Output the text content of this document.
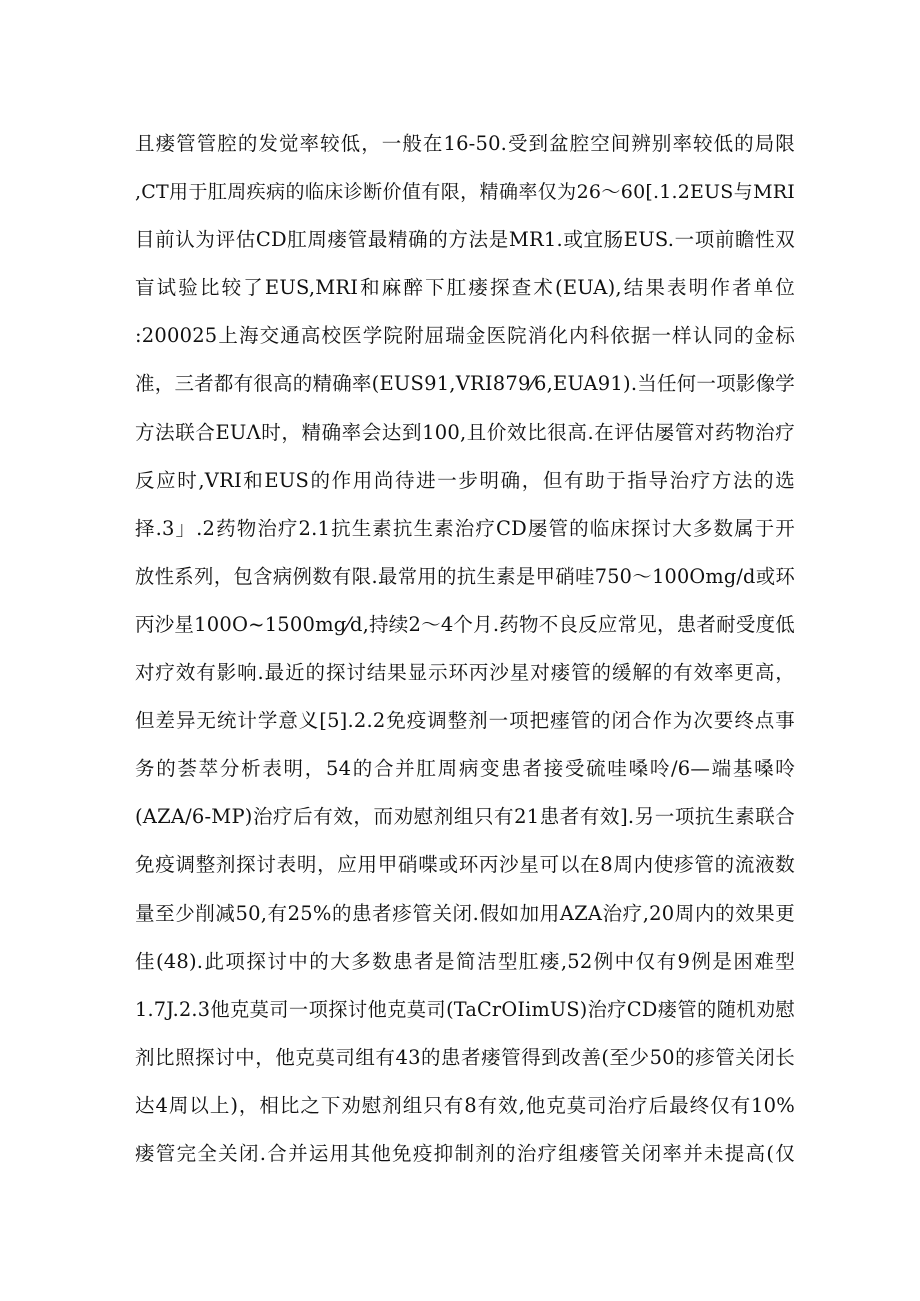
且瘘管管腔的发觉率较低，一般在16-50.受到盆腔空间辨别率较低的局限
,CT用于肛周疾病的临床诊断价值有限，精确率仅为26～60[.1.2EUS与MRI
目前认为评估CD肛周瘘管最精确的方法是MR1.或宜肠EUS.一项前瞻性双
盲试验比较了EUS,MRI和麻醉下肛瘘探查术(EUA),结果表明作者单位
:200025上海交通高校医学院附屈瑞金医院消化内科依据一样认同的金标
准，三者都有很高的精确率(EUS91,VRI879⁄6,EUA91).当任何一项影像学
方法联合EUΛ时，精确率会达到100,且价效比很高.在评估屡管对药物治疗
反应时,VRI和EUS的作用尚待进一步明确，但有助于指导治疗方法的选
择.3」.2药物治疗2.1抗生素抗生素治疗CD屡管的临床探讨大多数属于开
放性系列，包含病例数有限.最常用的抗生素是甲硝哇750～100Omg/d或环
丙沙星100O~1500mg⁄d,持续2～4个月.药物不良反应常见，患者耐受度低
对疗效有影响.最近的探讨结果显示环丙沙星对瘘管的缓解的有效率更高，
但差异无统计学意义[5].2.2免疫调整剂一项把瘗管的闭合作为次要终点事
务的荟萃分析表明，54的合并肛周病变患者接受硫哇嗓呤/6—端基嗓呤
(AZA/6-MP)治疗后有效，而劝慰剂组只有21患者有效].另一项抗生素联合
免疫调整剂探讨表明，应用甲硝喋或环丙沙星可以在8周内使疹管的流液数
量至少削减50,有25%的患者疹管关闭.假如加用AZA治疗,20周内的效果更
佳(48).此项探讨中的大多数患者是简洁型肛瘘,52例中仅有9例是困难型
1.7J.2.3他克莫司一项探讨他克莫司(TaCrOIimUS)治疗CD瘘管的随机劝慰
剂比照探讨中，他克莫司组有43的患者瘘管得到改善(至少50的疹管关闭长
达4周以上)，相比之下劝慰剂组只有8有效,他克莫司治疗后最终仅有10%
瘘管完全关闭.合并运用其他免疫抑制剂的治疗组瘘管关闭率并未提高(仅
